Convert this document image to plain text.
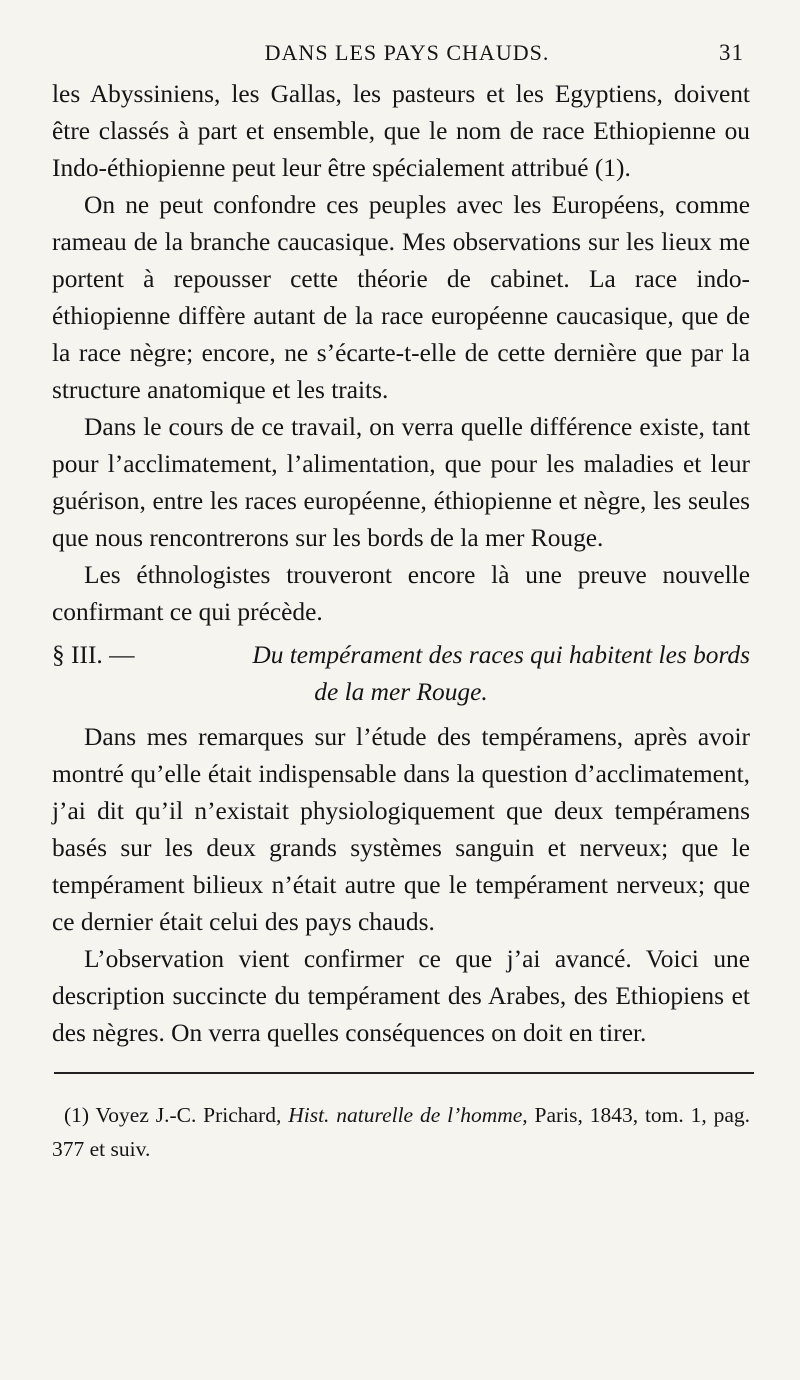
DANS LES PAYS CHAUDS.	31

les Abyssiniens, les Gallas, les pasteurs et les Egyptiens, doivent être classés à part et ensemble, que le nom de race Ethiopienne ou Indo-éthiopienne peut leur être spécialement attribué (1).

On ne peut confondre ces peuples avec les Européens, comme rameau de la branche caucasique. Mes observations sur les lieux me portent à repousser cette théorie de cabinet. La race indo-éthiopienne diffère autant de la race européenne caucasique, que de la race nègre; encore, ne s’écarte-t-elle de cette dernière que par la structure anatomique et les traits.

Dans le cours de ce travail, on verra quelle différence existe, tant pour l’acclimatement, l’alimentation, que pour les maladies et leur guérison, entre les races européenne, éthiopienne et nègre, les seules que nous rencontrerons sur les bords de la mer Rouge.

Les éthnologistes trouveront encore là une preuve nouvelle confirmant ce qui précède.

§ III. —	Du tempérament des races qui habitent les bords
de la mer Rouge.

Dans mes remarques sur l’étude des tempéramens, après avoir montré qu’elle était indispensable dans la question d’acclimatement, j’ai dit qu’il n’existait physiologiquement que deux tempéramens basés sur les deux grands systèmes sanguin et nerveux; que le tempérament bilieux n’était autre que le tempérament nerveux; que ce dernier était celui des pays chauds.

L’observation vient confirmer ce que j’ai avancé. Voici une description succincte du tempérament des Arabes, des Ethiopiens et des nègres. On verra quelles conséquences on doit en tirer.

(1) Voyez J.-C. Prichard, Hist. naturelle de l’homme, Paris, 1843, tom. 1, pag. 377 et suiv.
